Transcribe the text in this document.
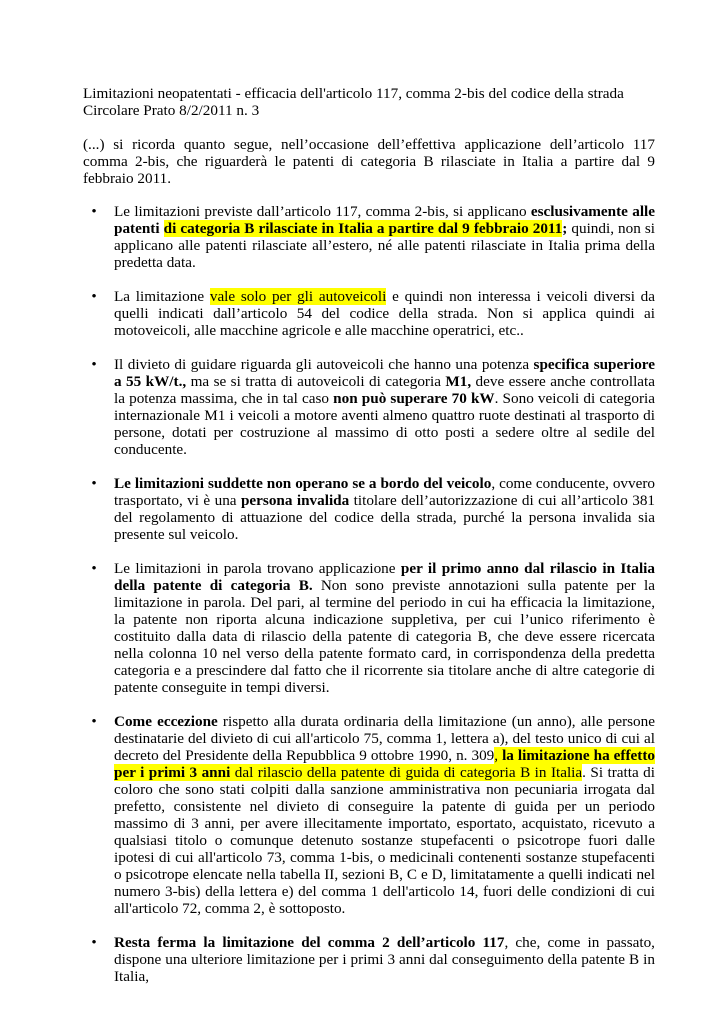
Limitazioni neopatentati - efficacia dell'articolo 117, comma 2-bis del codice della strada
Circolare Prato 8/2/2011 n. 3

(...) si ricorda quanto segue, nell’occasione dell’effettiva applicazione dell’articolo 117 comma 2-bis, che riguarderà le patenti di categoria B rilasciate in Italia a partire dal 9 febbraio 2011.

• Le limitazioni previste dall’articolo 117, comma 2-bis, si applicano esclusivamente alle patenti di categoria B rilasciate in Italia a partire dal 9 febbraio 2011; quindi, non si applicano alle patenti rilasciate all’estero, né alle patenti rilasciate in Italia prima della predetta data.
• La limitazione vale solo per gli autoveicoli e quindi non interessa i veicoli diversi da quelli indicati dall’articolo 54 del codice della strada. Non si applica quindi ai motoveicoli, alle macchine agricole e alle macchine operatrici, etc..
• Il divieto di guidare riguarda gli autoveicoli che hanno una potenza specifica superiore a 55 kW/t., ma se si tratta di autoveicoli di categoria M1, deve essere anche controllata la potenza massima, che in tal caso non può superare 70 kW. Sono veicoli di categoria internazionale M1 i veicoli a motore aventi almeno quattro ruote destinati al trasporto di persone, dotati per costruzione al massimo di otto posti a sedere oltre al sedile del conducente.
• Le limitazioni suddette non operano se a bordo del veicolo, come conducente, ovvero trasportato, vi è una persona invalida titolare dell’autorizzazione di cui all’articolo 381 del regolamento di attuazione del codice della strada, purché la persona invalida sia presente sul veicolo.
• Le limitazioni in parola trovano applicazione per il primo anno dal rilascio in Italia della patente di categoria B. Non sono previste annotazioni sulla patente per la limitazione in parola. Del pari, al termine del periodo in cui ha efficacia la limitazione, la patente non riporta alcuna indicazione suppletiva, per cui l’unico riferimento è costituito dalla data di rilascio della patente di categoria B, che deve essere ricercata nella colonna 10 nel verso della patente formato card, in corrispondenza della predetta categoria e a prescindere dal fatto che il ricorrente sia titolare anche di altre categorie di patente conseguite in tempi diversi.
• Come eccezione rispetto alla durata ordinaria della limitazione (un anno), alle persone destinatarie del divieto di cui all'articolo 75, comma 1, lettera a), del testo unico di cui al decreto del Presidente della Repubblica 9 ottobre 1990, n. 309, la limitazione ha effetto per i primi 3 anni dal rilascio della patente di guida di categoria B in Italia. Si tratta di coloro che sono stati colpiti dalla sanzione amministrativa non pecuniaria irrogata dal prefetto, consistente nel divieto di conseguire la patente di guida per un periodo massimo di 3 anni, per avere illecitamente importato, esportato, acquistato, ricevuto a qualsiasi titolo o comunque detenuto sostanze stupefacenti o psicotrope fuori dalle ipotesi di cui all'articolo 73, comma 1-bis, o medicinali contenenti sostanze stupefacenti o psicotrope elencate nella tabella II, sezioni B, C e D, limitatamente a quelli indicati nel numero 3-bis) della lettera e) del comma 1 dell'articolo 14, fuori delle condizioni di cui all'articolo 72, comma 2, è sottoposto.
• Resta ferma la limitazione del comma 2 dell’articolo 117, che, come in passato, dispone una ulteriore limitazione per i primi 3 anni dal conseguimento della patente B in Italia,
